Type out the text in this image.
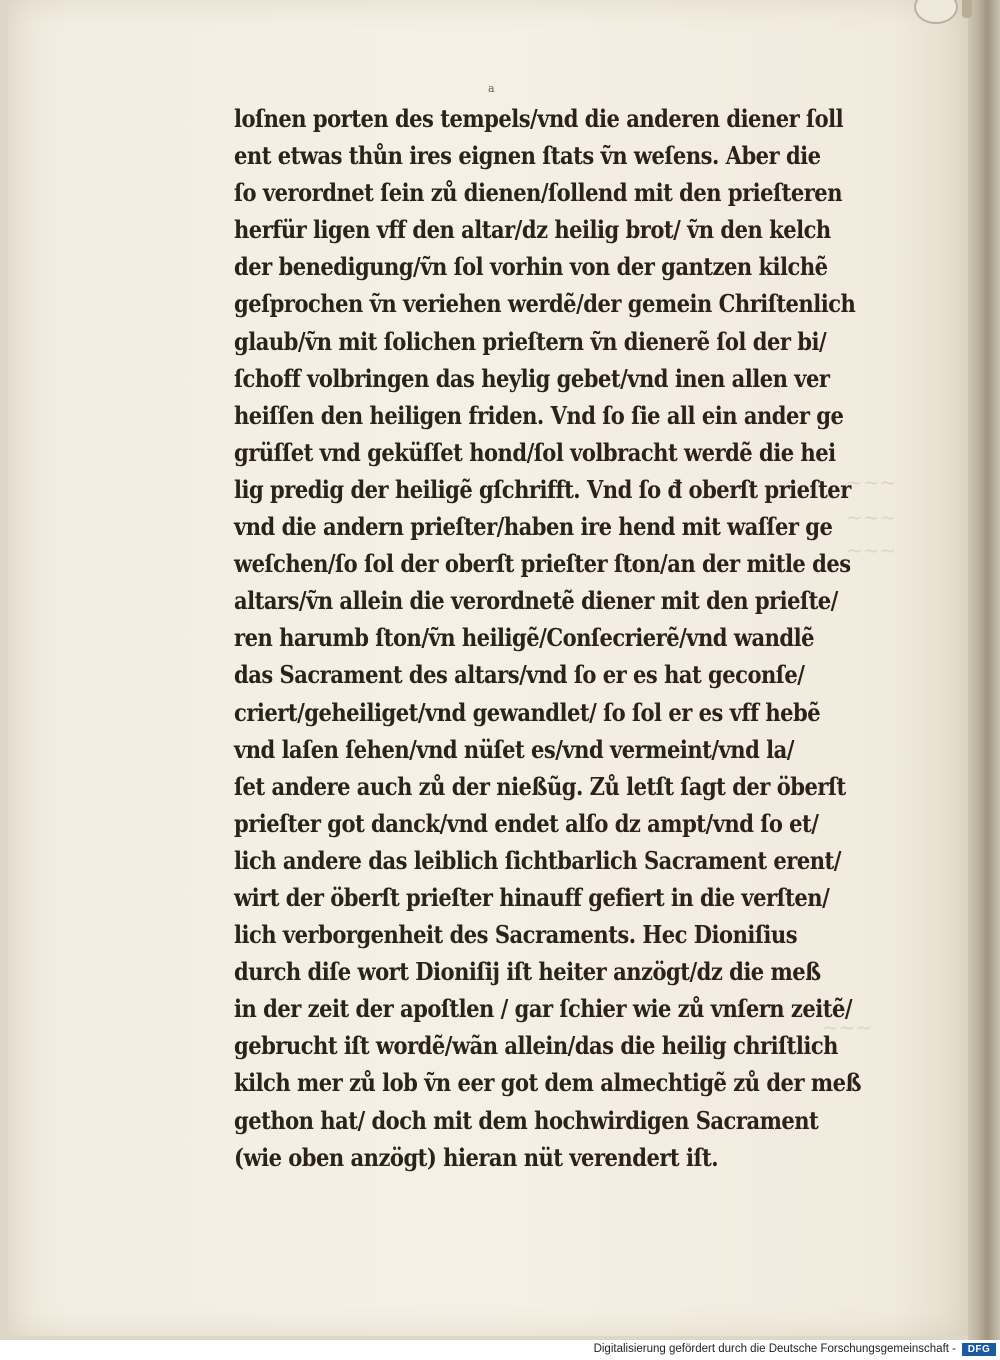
~~~
~~~
~~~
~~~
a
loſnen porten des tempels/vnd die anderen diener ſoll
ent etwas thůn ires eignen ſtats ṽn weſens. Aber die
ſo verordnet ſein zů dienen/ſollend mit den prieſteren
herfür ligen vff den altar/dz heilig brot/ ṽn den kelch
der benedigung/ṽn ſol vorhin von der gantzen kilchẽ
geſprochen ṽn veriehen werdẽ/der gemein Chriſtenlich
glaub/ṽn mit ſolichen prieſtern ṽn dienerẽ ſol der bi/
ſchoff volbringen das heylig gebet/vnd inen allen ver
heiſſen den heiligen friden. Vnd ſo ſie all ein ander ge
grüſſet vnd geküſſet hond/ſol volbracht werdẽ die hei
lig predig der heiligẽ gſchrifft. Vnd ſo đ oberſt prieſter
vnd die andern prieſter/haben ire hend mit waſſer ge
weſchen/ſo ſol der oberſt prieſter ſton/an der mitle des
altars/ṽn allein die verordnetẽ diener mit den prieſte/
ren harumb ſton/ṽn heiligẽ/Conſecrierẽ/vnd wandlẽ
das Sacrament des altars/vnd ſo er es hat geconſe/
criert/geheiliget/vnd gewandlet/ ſo ſol er es vff hebẽ
vnd laſen ſehen/vnd nüſet es/vnd vermeint/vnd la/
ſet andere auch zů der nießũg. Zů letſt ſagt der öberſt
prieſter got danck/vnd endet alſo dz ampt/vnd ſo et/
lich andere das leiblich ſichtbarlich Sacrament erent/
wirt der öberſt prieſter hinauff gefiert in die verſten/
lich verborgenheit des Sacraments. Hec Dioniſius
durch diſe wort Dioniſij iſt heiter anzögt/dz die meß
in der zeit der apoſtlen / gar ſchier wie zů vnſern zeitẽ/
gebrucht iſt wordẽ/wãn allein/das die heilig chriſtlich
kilch mer zů lob ṽn eer got dem almechtigẽ zů der meß
gethon hat/ doch mit dem hochwirdigen Sacrament
(wie oben anzögt) hieran nüt verendert iſt.
Digitalisierung gefördert durch die Deutsche Forschungsgemeinschaft -	DFG
